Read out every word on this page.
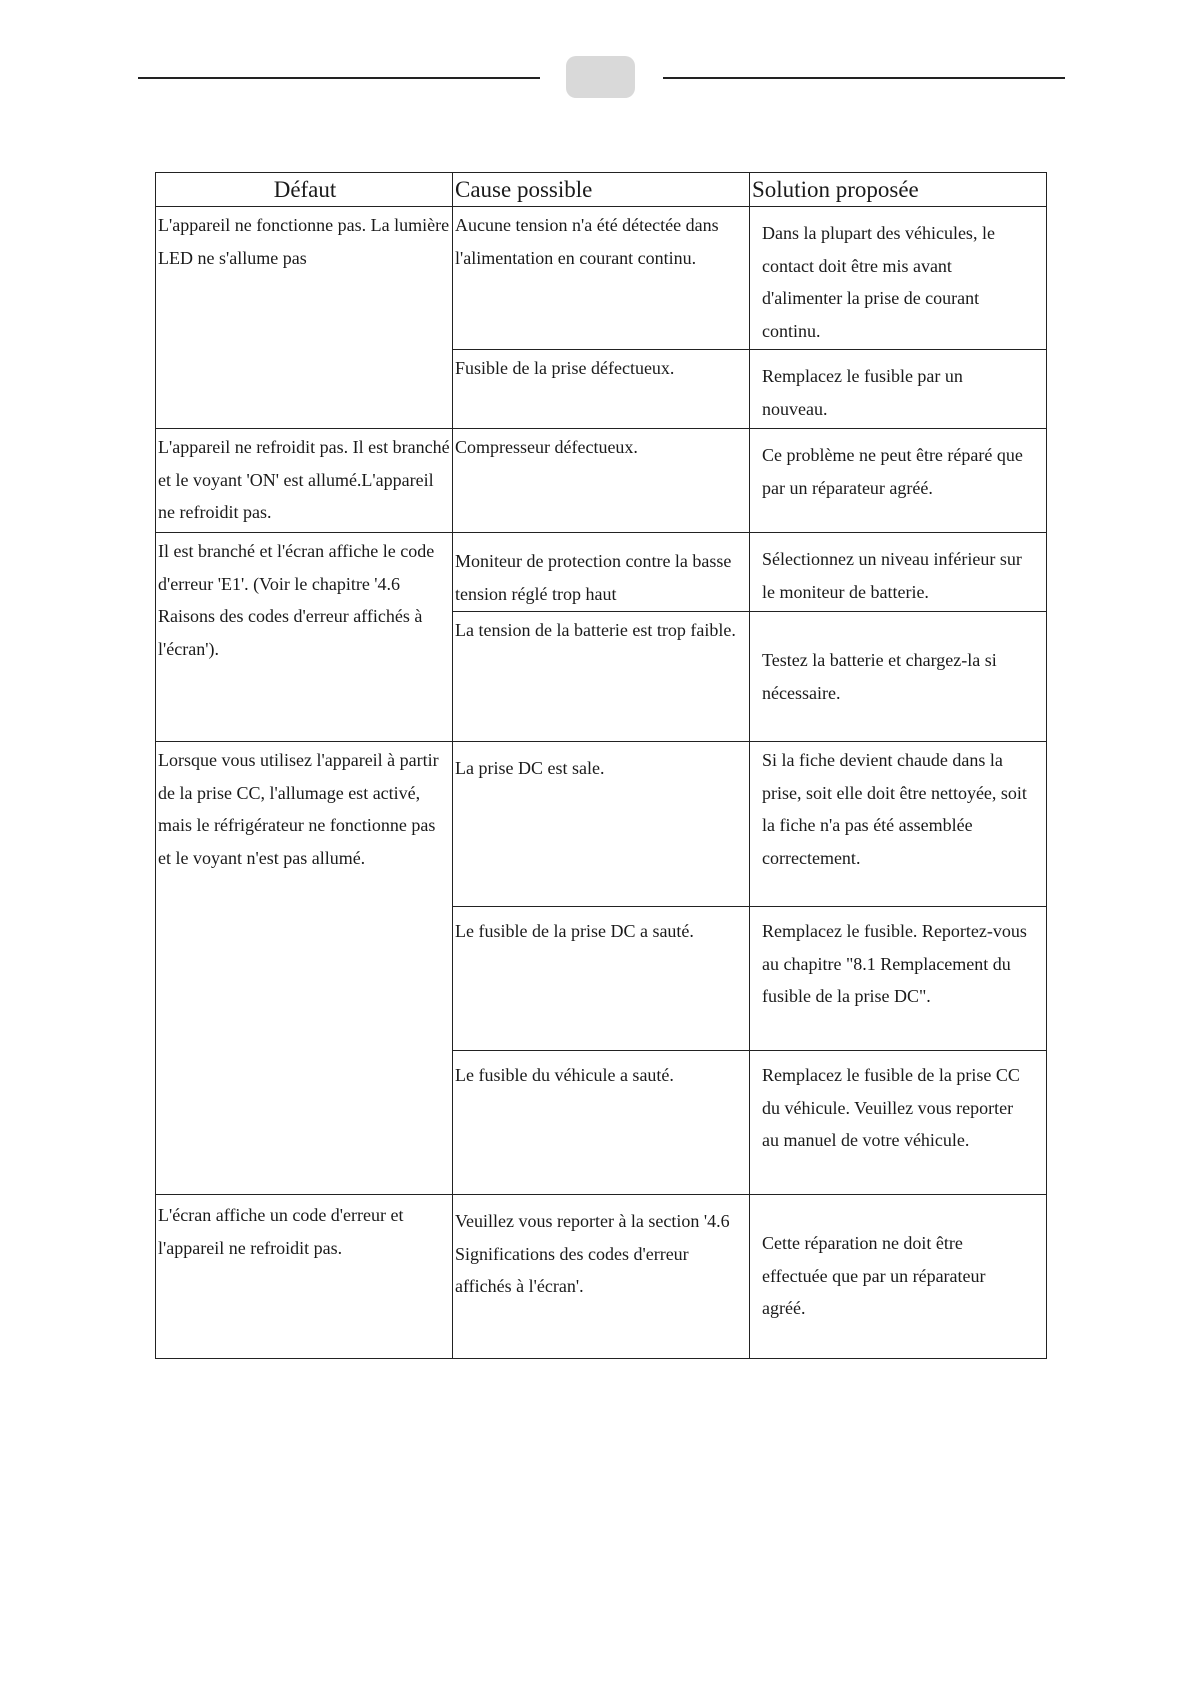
Défaut	Cause possible	Solution proposée
L'appareil ne fonctionne pas. La lumière LED ne s'allume pas	Aucune tension n'a été détectée dans l'alimentation en courant continu.	Dans la plupart des véhicules, le contact doit être mis avant d'alimenter la prise de courant continu.
	Fusible de la prise défectueux.	Remplacez le fusible par un nouveau.
L'appareil ne refroidit pas. Il est branché et le voyant 'ON' est allumé.L'appareil ne refroidit pas.	Compresseur défectueux.	Ce problème ne peut être réparé que par un réparateur agréé.
Il est branché et l'écran affiche le code d'erreur 'E1'. (Voir le chapitre '4.6 Raisons des codes d'erreur affichés à l'écran').	Moniteur de protection contre la basse tension réglé trop haut	Sélectionnez un niveau inférieur sur le moniteur de batterie.
	La tension de la batterie est trop faible.	Testez la batterie et chargez-la si nécessaire.
Lorsque vous utilisez l'appareil à partir de la prise CC, l'allumage est activé, mais le réfrigérateur ne fonctionne pas et le voyant n'est pas allumé.	La prise DC est sale.	Si la fiche devient chaude dans la prise, soit elle doit être nettoyée, soit la fiche n'a pas été assemblée correctement.
	Le fusible de la prise DC a sauté.	Remplacez le fusible. Reportez-vous au chapitre "8.1 Remplacement du fusible de la prise DC".
	Le fusible du véhicule a sauté.	Remplacez le fusible de la prise CC du véhicule. Veuillez vous reporter au manuel de votre véhicule.
L'écran affiche un code d'erreur et l'appareil ne refroidit pas.	Veuillez vous reporter à la section '4.6 Significations des codes d'erreur affichés à l'écran'.	Cette réparation ne doit être effectuée que par un réparateur agréé.
